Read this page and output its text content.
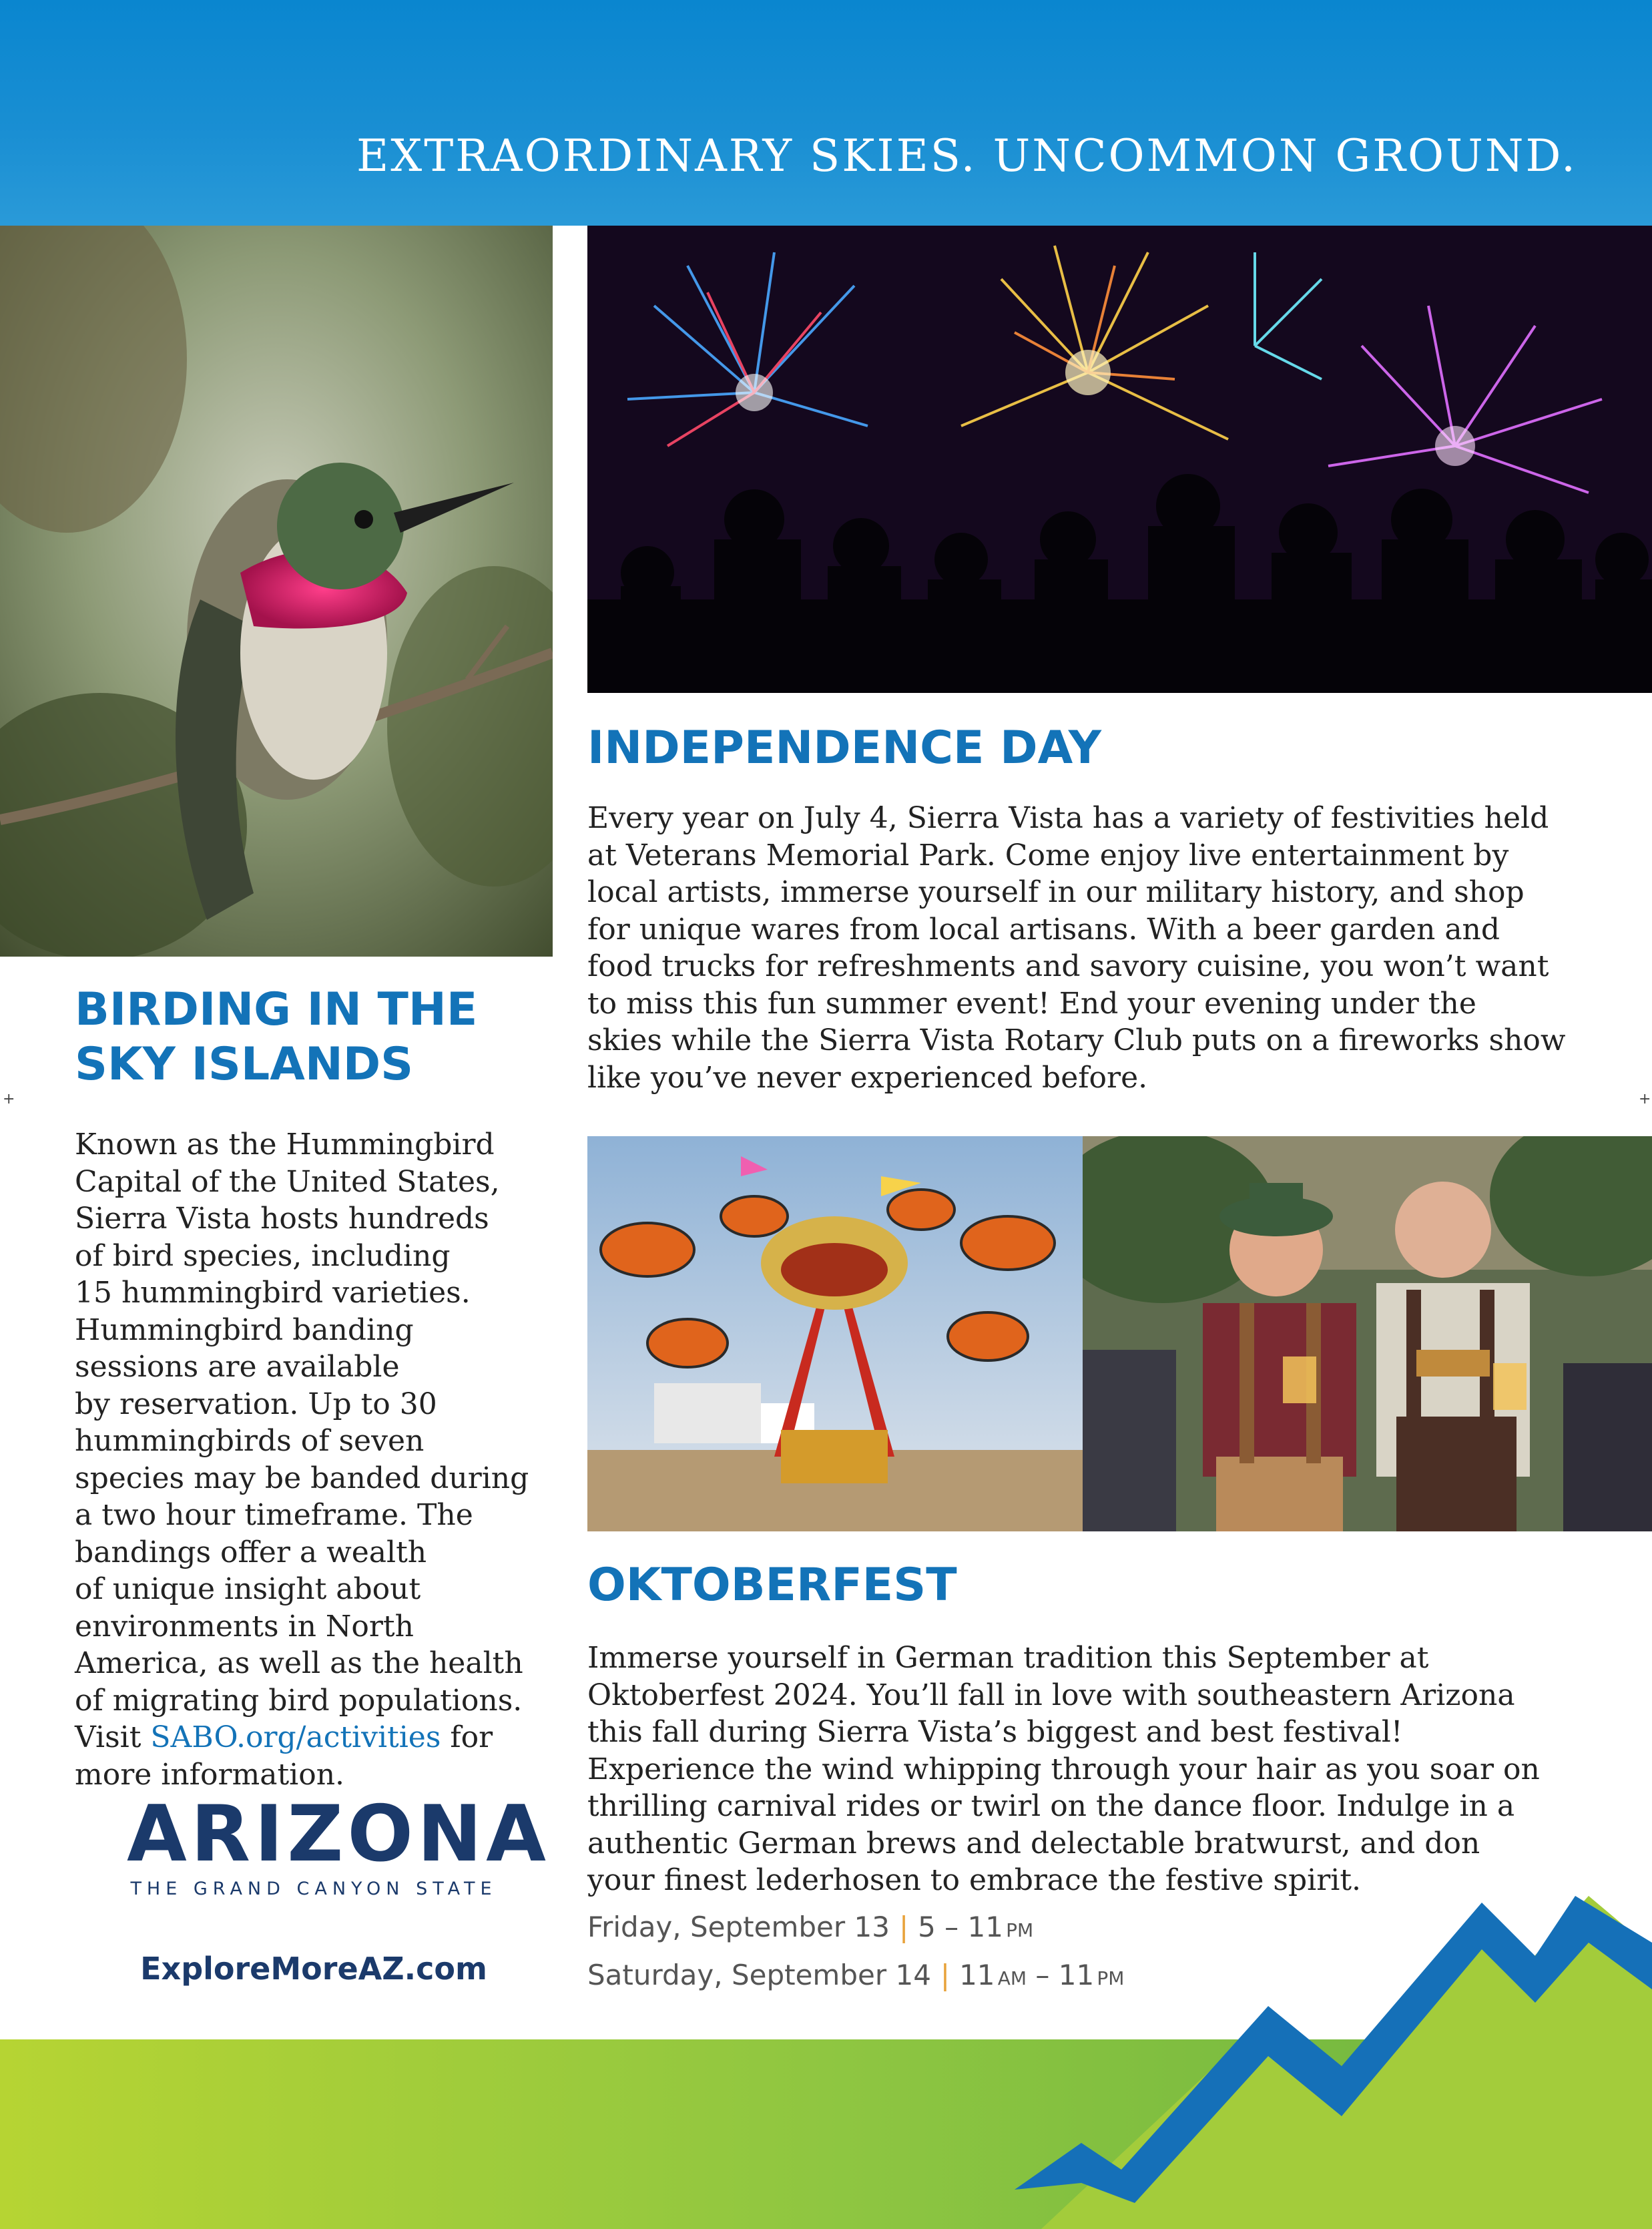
EXTRAORDINARY SKIES. UNCOMMON GROUND.
+	+
BIRDING IN THE
SKY ISLANDS

Known as the Hummingbird
Capital of the United States,
Sierra Vista hosts hundreds
of bird species, including
15 hummingbird varieties.
Hummingbird banding
sessions are available
by reservation. Up to 30
hummingbirds of seven
species may be banded during
a two hour timeframe. The
bandings offer a wealth
of unique insight about
environments in North
America, as well as the health
of migrating bird populations.
Visit SABO.org/activities for
more information.

INDEPENDENCE DAY

Every year on July 4, Sierra Vista has a variety of festivities held
at Veterans Memorial Park. Come enjoy live entertainment by
local artists, immerse yourself in our military history, and shop
for unique wares from local artisans. With a beer garden and
food trucks for refreshments and savory cuisine, you won’t want
to miss this fun summer event! End your evening under the
skies while the Sierra Vista Rotary Club puts on a fireworks show
like you’ve never experienced before.

OKTOBERFEST

Immerse yourself in German tradition this September at
Oktoberfest 2024. You’ll fall in love with southeastern Arizona
this fall during Sierra Vista’s biggest and best festival!
Experience the wind whipping through your hair as you soar on
thrilling carnival rides or twirl on the dance floor. Indulge in a
authentic German brews and delectable bratwurst, and don
your finest lederhosen to embrace the festive spirit.

Friday, September 13 | 5 – 11  PM
Saturday, September 14 | 11  AM – 11  PM
ExploreMoreAZ.com
ARIZONA
THE GRAND CANYON STATE
